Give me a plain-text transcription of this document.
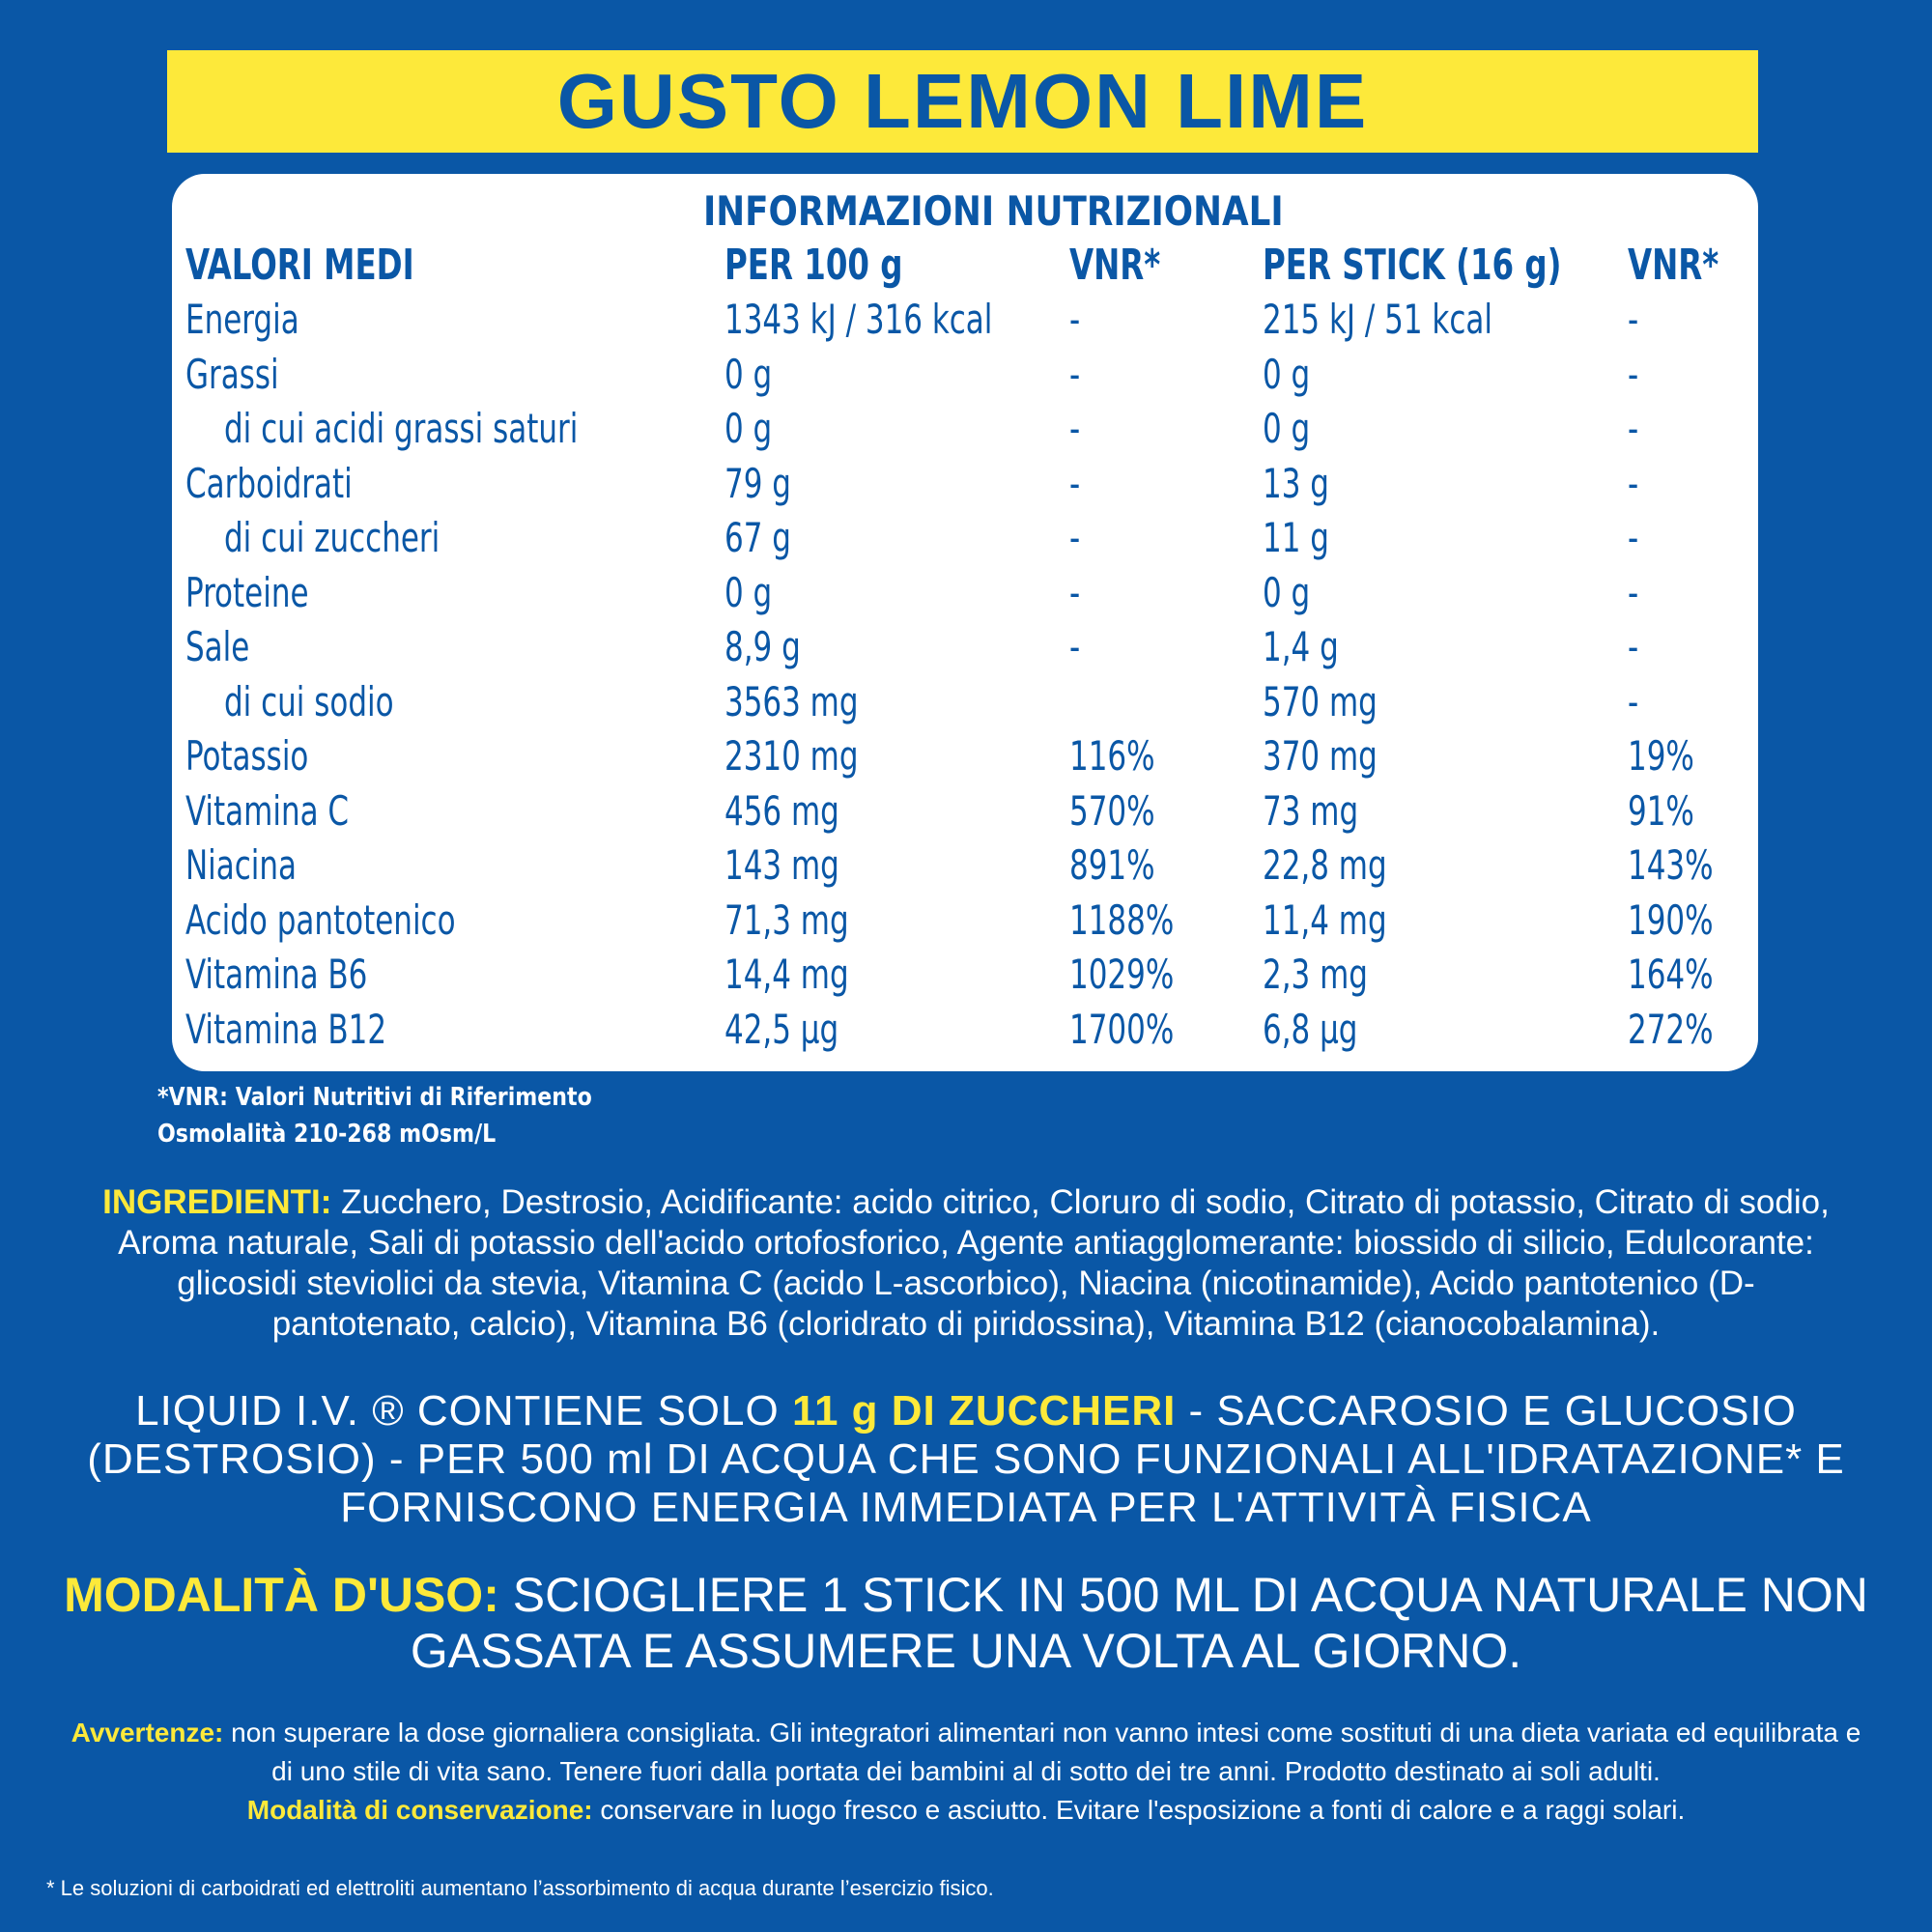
GUSTO LEMON LIME
INFORMAZIONI NUTRIZIONALI
VALORI MEDI	PER 100 g	VNR*	PER STICK (16 g)	VNR*
Energia	1343 kJ / 316 kcal	-	215 kJ / 51 kcal	-
Grassi	0 g	-	0 g	-
di cui acidi grassi saturi	0 g	-	0 g	-
Carboidrati	79 g	-	13 g	-
di cui zuccheri	67 g	-	11 g	-
Proteine	0 g	-	0 g	-
Sale	8,9 g	-	1,4 g	-
di cui sodio	3563 mg		570 mg	-
Potassio	2310 mg	116%	370 mg	19%
Vitamina C	456 mg	570%	73 mg	91%
Niacina	143 mg	891%	22,8 mg	143%
Acido pantotenico	71,3 mg	1188%	11,4 mg	190%
Vitamina B6	14,4 mg	1029%	2,3 mg	164%
Vitamina B12	42,5 µg	1700%	6,8 µg	272%
*VNR: Valori Nutritivi di Riferimento
Osmolalità 210-268 mOsm/L
INGREDIENTI: Zucchero, Destrosio, Acidificante: acido citrico, Cloruro di sodio, Citrato di potassio, Citrato di sodio, Aroma naturale, Sali di potassio dell'acido ortofosforico, Agente antiagglomerante: biossido di silicio, Edulcorante: glicosidi steviolici da stevia, Vitamina C (acido L-ascorbico), Niacina (nicotinamide), Acido pantotenico (D-pantotenato, calcio), Vitamina B6 (cloridrato di piridossina), Vitamina B12 (cianocobalamina).
LIQUID I.V. ® CONTIENE SOLO 11 g DI ZUCCHERI - SACCAROSIO E GLUCOSIO (DESTROSIO) - PER 500 ml DI ACQUA CHE SONO FUNZIONALI ALL'IDRATAZIONE* E FORNISCONO ENERGIA IMMEDIATA PER L'ATTIVITÀ FISICA
MODALITÀ D'USO: SCIOGLIERE 1 STICK IN 500 ML DI ACQUA NATURALE NON GASSATA E ASSUMERE UNA VOLTA AL GIORNO.
Avvertenze: non superare la dose giornaliera consigliata. Gli integratori alimentari non vanno intesi come sostituti di una dieta variata ed equilibrata e di uno stile di vita sano. Tenere fuori dalla portata dei bambini al di sotto dei tre anni. Prodotto destinato ai soli adulti.
Modalità di conservazione: conservare in luogo fresco e asciutto. Evitare l'esposizione a fonti di calore e a raggi solari.
* Le soluzioni di carboidrati ed elettroliti aumentano l’assorbimento di acqua durante l’esercizio fisico.
